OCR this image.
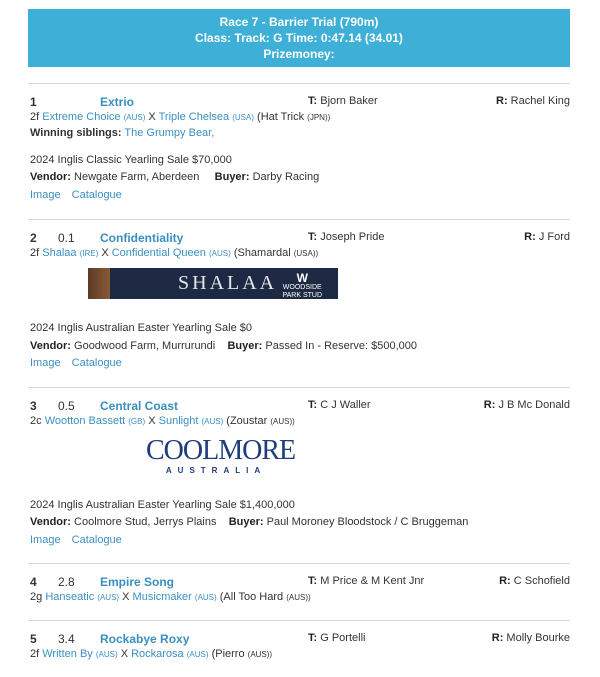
Race 7 - Barrier Trial (790m)
Class: Track: G Time: 0:47.14 (34.01)
Prizemoney:
1	Extrio	T: Bjorn Baker	R: Rachel King
2f Extreme Choice (AUS) X Triple Chelsea (USA) (Hat Trick (JPN))
Winning siblings: The Grumpy Bear,
2024 Inglis Classic Yearling Sale $70,000
Vendor: Newgate Farm, Aberdeen Buyer: Darby Racing
Image Catalogue
2 0.1 Confidentiality	T: Joseph Pride	R: J Ford
2f Shalaa (IRE) X Confidential Queen (AUS) (Shamardal (USA))
SHALAA	W
WOODSIDE
PARK STUD
2024 Inglis Australian Easter Yearling Sale $0
Vendor: Goodwood Farm, Murrurundi Buyer: Passed In - Reserve: $500,000
Image Catalogue
3 0.5 Central Coast	T: C J Waller	R: J B Mc Donald
2c Wootton Bassett (GB) X Sunlight (AUS) (Zoustar (AUS))
COOLMORE
AUSTRALIA
2024 Inglis Australian Easter Yearling Sale $1,400,000
Vendor: Coolmore Stud, Jerrys Plains Buyer: Paul Moroney Bloodstock / C Bruggeman
Image Catalogue
4 2.8 Empire Song	T: M Price & M Kent Jnr	R: C Schofield
2g Hanseatic (AUS) X Musicmaker (AUS) (All Too Hard (AUS))
5 3.4 Rockabye Roxy	T: G Portelli	R: Molly Bourke
2f Written By (AUS) X Rockarosa (AUS) (Pierro (AUS))
